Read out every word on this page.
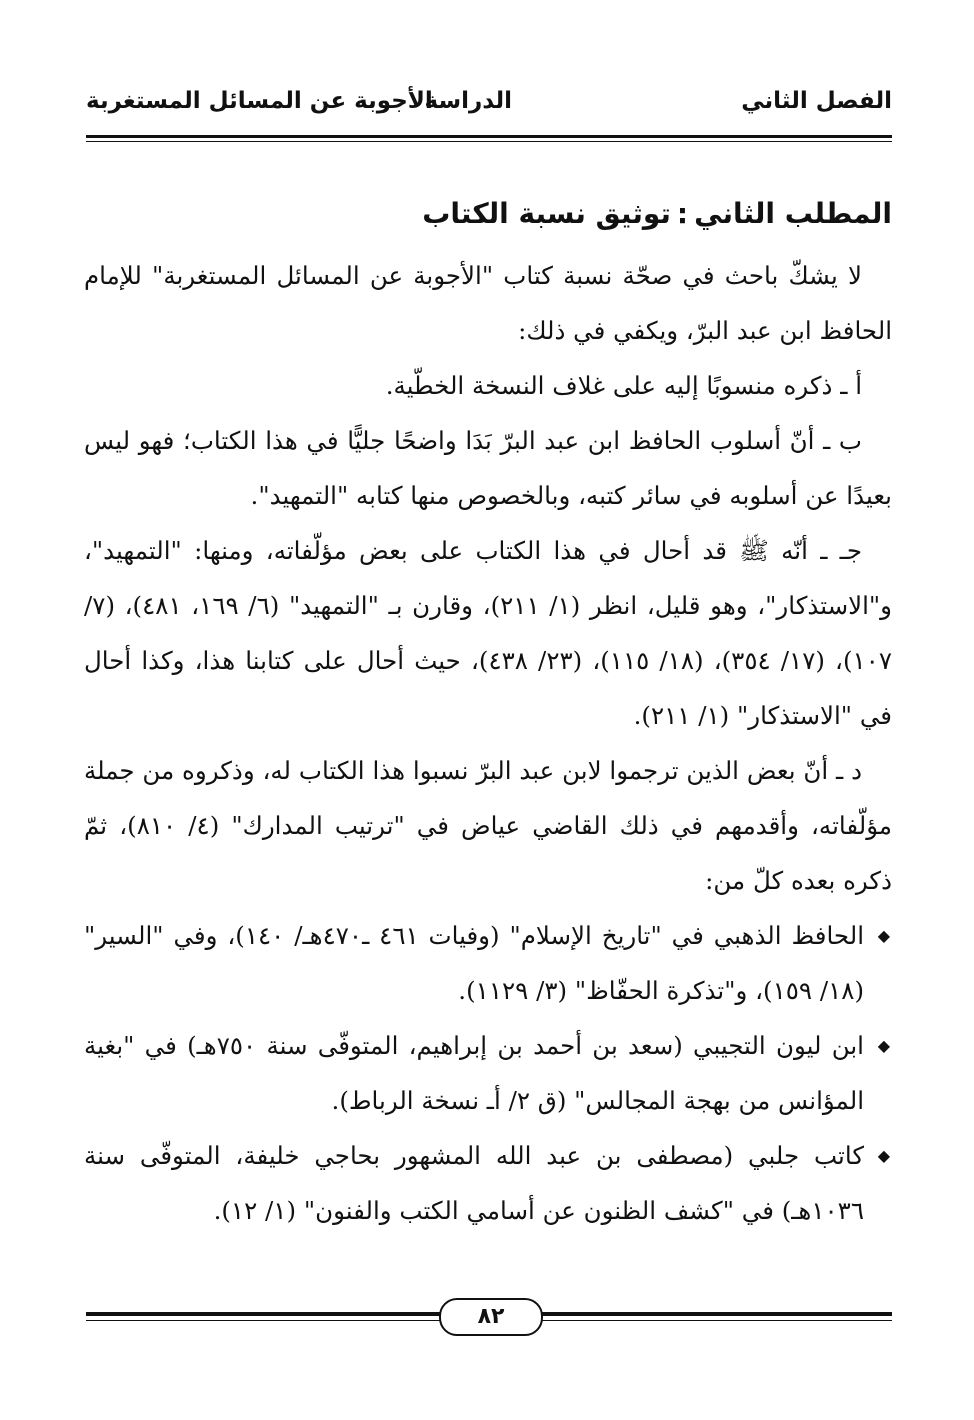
الفصل الثاني
الدراسة
الأجوبة عن المسائل المستغربة
المطلب الثاني:توثيق نسبة الكتاب

لا يشكّ باحث في صحّة نسبة كتاب "الأجوبة عن المسائل المستغربة" للإمام الحافظ ابن عبد البرّ، ويكفي في ذلك:

أ ـ ذكره منسوبًا إليه على غلاف النسخة الخطّية.

ب ـ أنّ أسلوب الحافظ ابن عبد البرّ بَدَا واضحًا جليًّا في هذا الكتاب؛ فهو ليس بعيدًا عن أسلوبه في سائر كتبه، وبالخصوص منها كتابه "التمهيد".

جـ ـ أنّه ﷺ قد أحال في هذا الكتاب على بعض مؤلّفاته، ومنها: "التمهيد"، و"الاستذكار"، وهو قليل، انظر (١/ ٢١١)، وقارن بـ "التمهيد" (٦/ ١٦٩، ٤٨١)، (٧/ ١٠٧)، (١٧/ ٣٥٤)، (١٨/ ١١٥)، (٢٣/ ٤٣٨)، حيث أحال على كتابنا هذا، وكذا أحال في "الاستذكار" (١/ ٢١١).

د ـ أنّ بعض الذين ترجموا لابن عبد البرّ نسبوا هذا الكتاب له، وذكروه من جملة مؤلّفاته، وأقدمهم في ذلك القاضي عياض في "ترتيب المدارك" (٤/ ٨١٠)، ثمّ ذكره بعده كلّ من:

◆
الحافظ الذهبي في "تاريخ الإسلام" (وفيات ٤٦١ ـ٤٧٠هـ/ ١٤٠)، وفي "السير" (١٨/ ١٥٩)، و"تذكرة الحفّاظ" (٣/ ١١٢٩).
◆
ابن ليون التجيبي (سعد بن أحمد بن إبراهيم، المتوفّى سنة ٧٥٠هـ) في "بغية المؤانس من بهجة المجالس" (ق ٢/ أـ نسخة الرباط).
◆
كاتب جلبي (مصطفى بن عبد الله المشهور بحاجي خليفة، المتوفّى سنة ١٠٣٦هـ) في "كشف الظنون عن أسامي الكتب والفنون" (١/ ١٢).
٨٢
